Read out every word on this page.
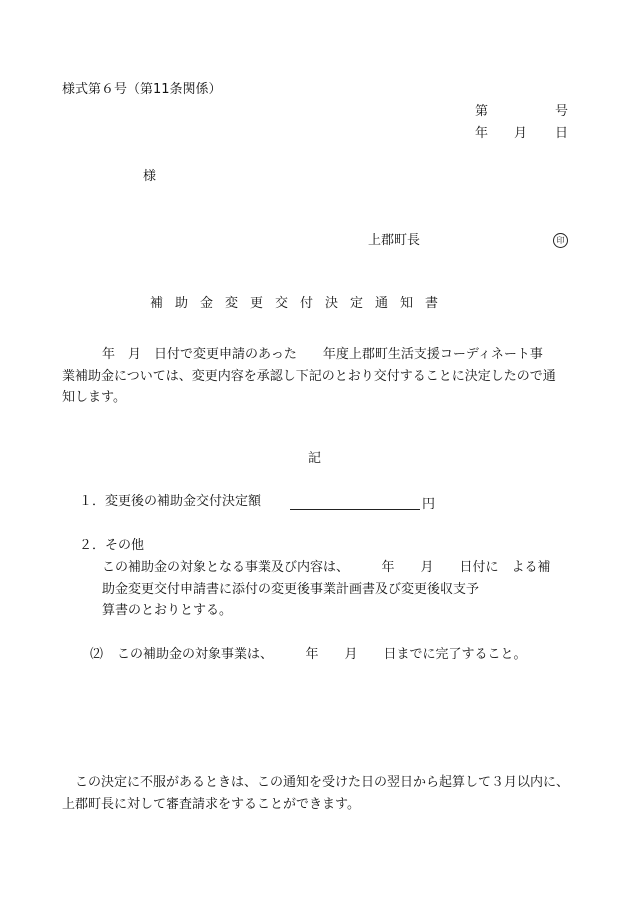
様式第６号（第11条関係）
第	号
年 月 日
様
上郡町長	印
補助金変更交付決定通知書
年　月　日付で変更申請のあった　　年度上郡町生活支援コーディネート事
業補助金については、変更内容を承認し下記のとおり交付することに決定したので通
知します。
記
１．変更後の補助金交付決定額	円
２．その他
この補助金の対象となる事業及び内容は、　　　年　　月　　日付に　よる補
助金変更交付申請書に添付の変更後事業計画書及び変更後収支予
算書のとおりとする。
⑵ この補助金の対象事業は、　　　年　　月　　日までに完了すること。
この決定に不服があるときは、この通知を受けた日の翌日から起算して３月以内に、
上郡町長に対して審査請求をすることができます。
